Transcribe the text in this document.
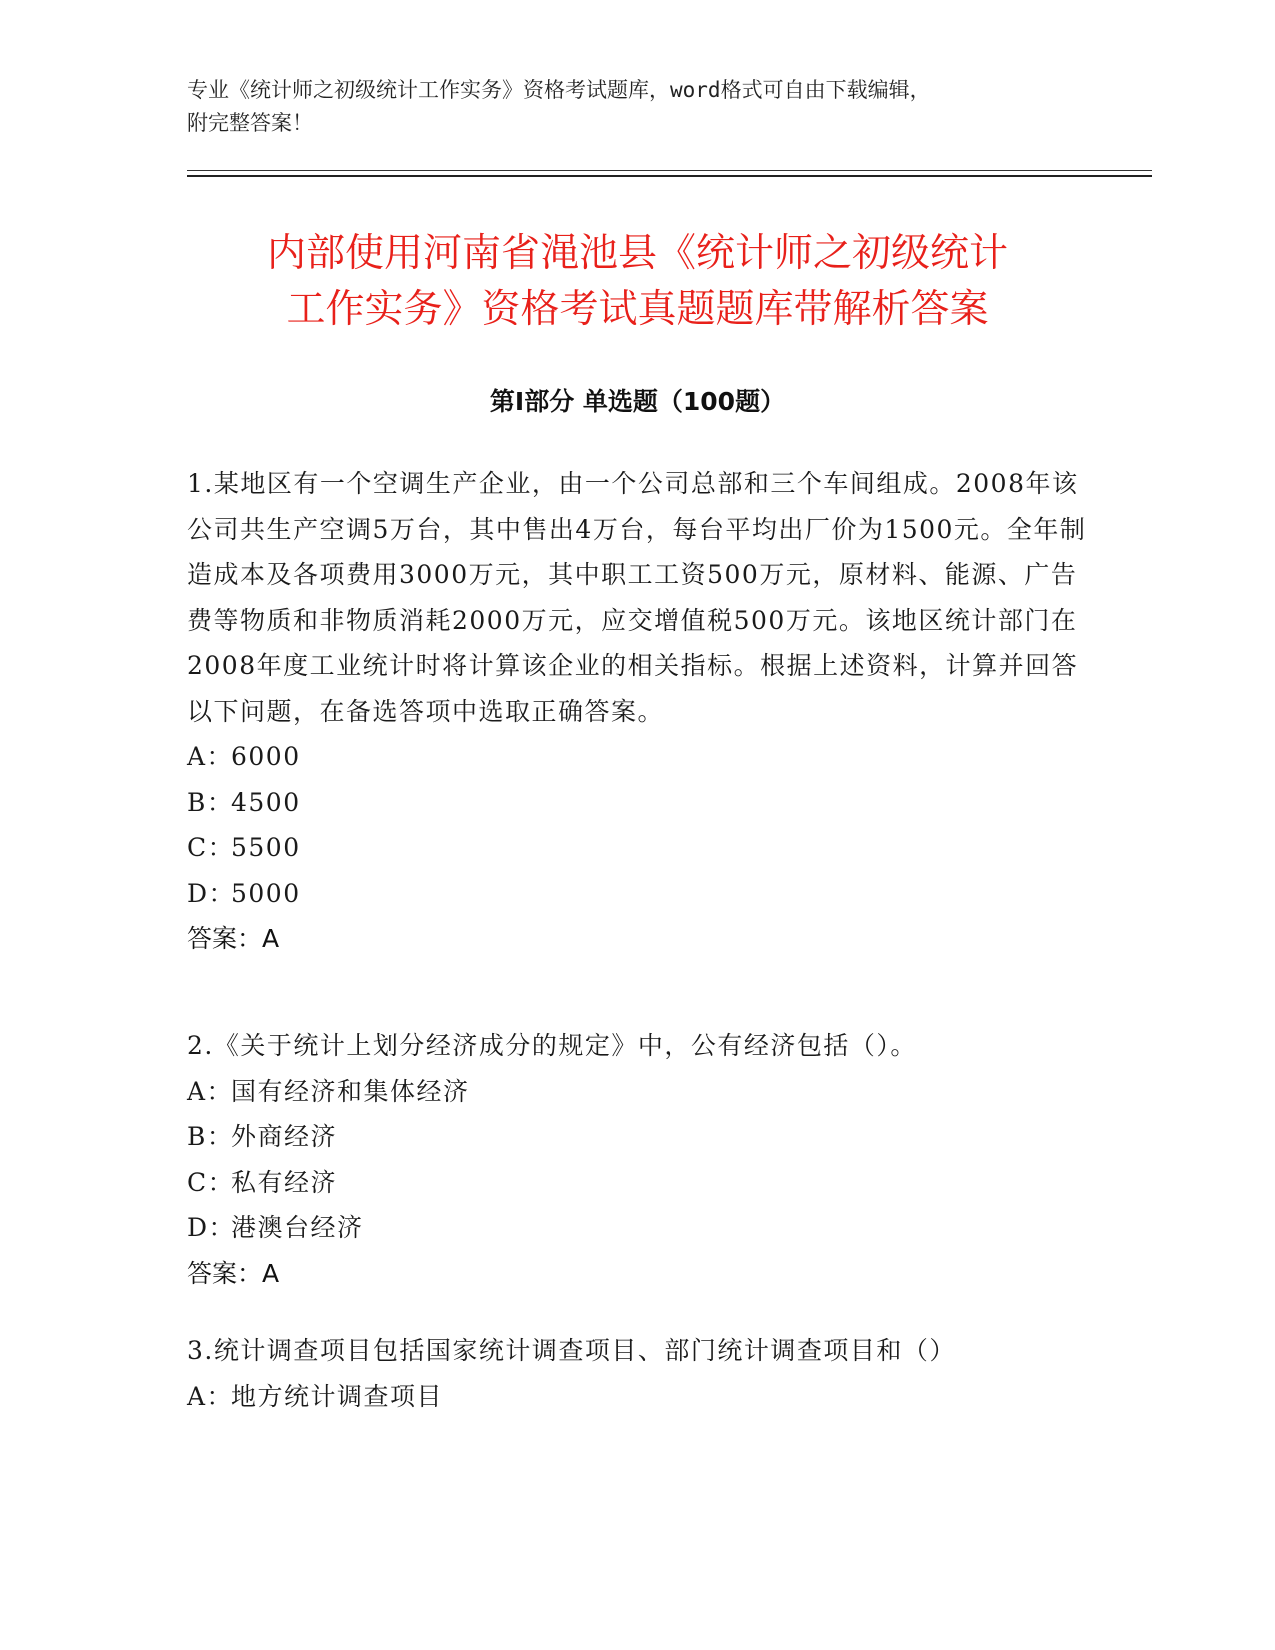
专业《统计师之初级统计工作实务》资格考试题库，word格式可自由下载编辑，
附完整答案！
内部使用河南省渑池县《统计师之初级统计
工作实务》资格考试真题题库带解析答案
第Ⅰ部分 单选题（100题）

1.某地区有一个空调生产企业，由一个公司总部和三个车间组成。2008年该公司共生产空调5万台，其中售出4万台，每台平均出厂价为1500元。全年制造成本及各项费用3000万元，其中职工工资500万元，原材料、能源、广告费等物质和非物质消耗2000万元，应交增值税500万元。该地区统计部门在2008年度工业统计时将计算该企业的相关指标。根据上述资料，计算并回答以下问题，在备选答项中选取正确答案。

A：6000
B：4500
C：5500
D：5000

答案：A

2.《关于统计上划分经济成分的规定》中，公有经济包括（）。

A：国有经济和集体经济
B：外商经济
C：私有经济
D：港澳台经济

答案：A

3.统计调查项目包括国家统计调查项目、部门统计调查项目和（）

A：地方统计调查项目
